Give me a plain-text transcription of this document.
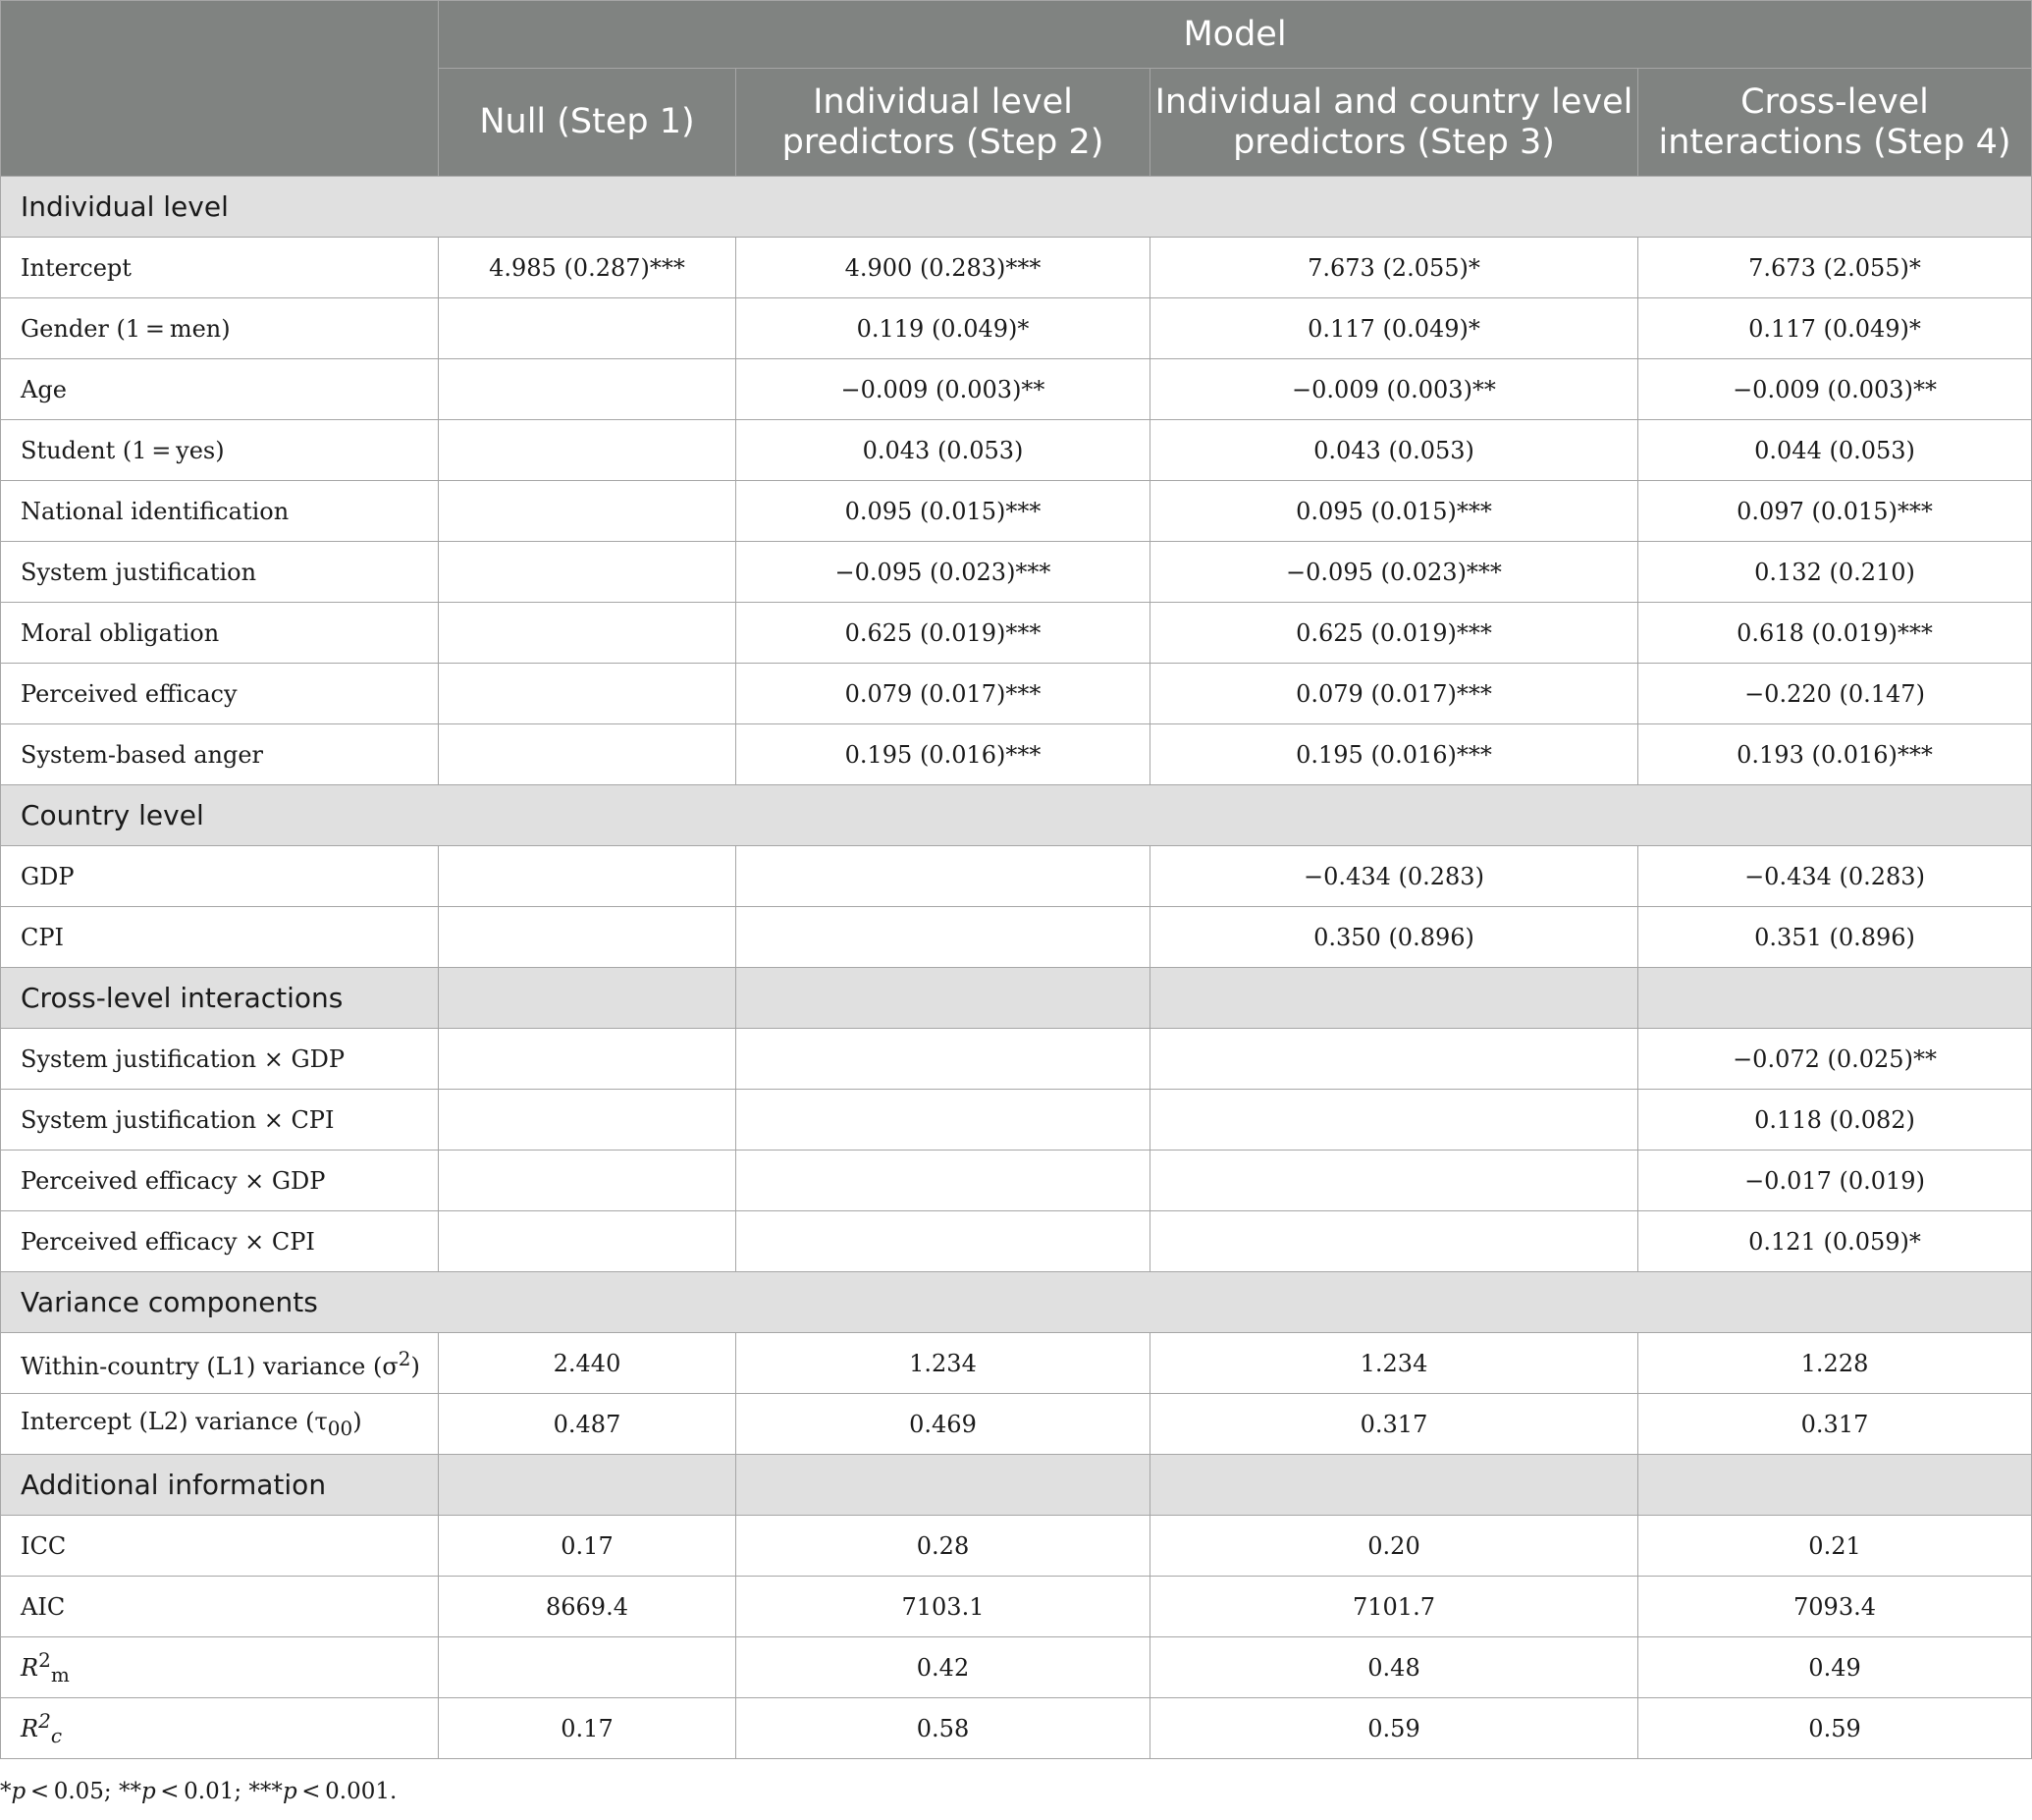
	Model			
	Null (Step 1)	Individual level predictors (Step 2)	Individual and country level predictors (Step 3)	Cross-level interactions (Step 4)
Individual level				
Intercept	4.985 (0.287)***	4.900 (0.283)***	7.673 (2.055)*	7.673 (2.055)*
Gender (1 = men)		0.119 (0.049)*	0.117 (0.049)*	0.117 (0.049)*
Age		−0.009 (0.003)**	−0.009 (0.003)**	−0.009 (0.003)**
Student (1 = yes)		0.043 (0.053)	0.043 (0.053)	0.044 (0.053)
National identification		0.095 (0.015)***	0.095 (0.015)***	0.097 (0.015)***
System justification		−0.095 (0.023)***	−0.095 (0.023)***	0.132 (0.210)
Moral obligation		0.625 (0.019)***	0.625 (0.019)***	0.618 (0.019)***
Perceived efficacy		0.079 (0.017)***	0.079 (0.017)***	−0.220 (0.147)
System-based anger		0.195 (0.016)***	0.195 (0.016)***	0.193 (0.016)***
Country level				
GDP			−0.434 (0.283)	−0.434 (0.283)
CPI			0.350 (0.896)	0.351 (0.896)
Cross-level interactions				
System justification × GDP				−0.072 (0.025)**
System justification × CPI				0.118 (0.082)
Perceived efficacy × GDP				−0.017 (0.019)
Perceived efficacy × CPI				0.121 (0.059)*
Variance components				
Within-country (L1) variance $(\sigma^2)$	2.440	1.234	1.234	1.228
Intercept (L2) variance $(\tau_{00})$	0.487	0.469	0.317	0.317
Additional information				
ICC	0.17	0.28	0.20	0.21
AIC	8669.4	7103.1	7101.7	7093.4
$R^2_m$		0.42	0.48	0.49
$R^2_c$	0.17	0.58	0.59	0.59
*p < 0.05; **p < 0.01; ***p < 0.001.
